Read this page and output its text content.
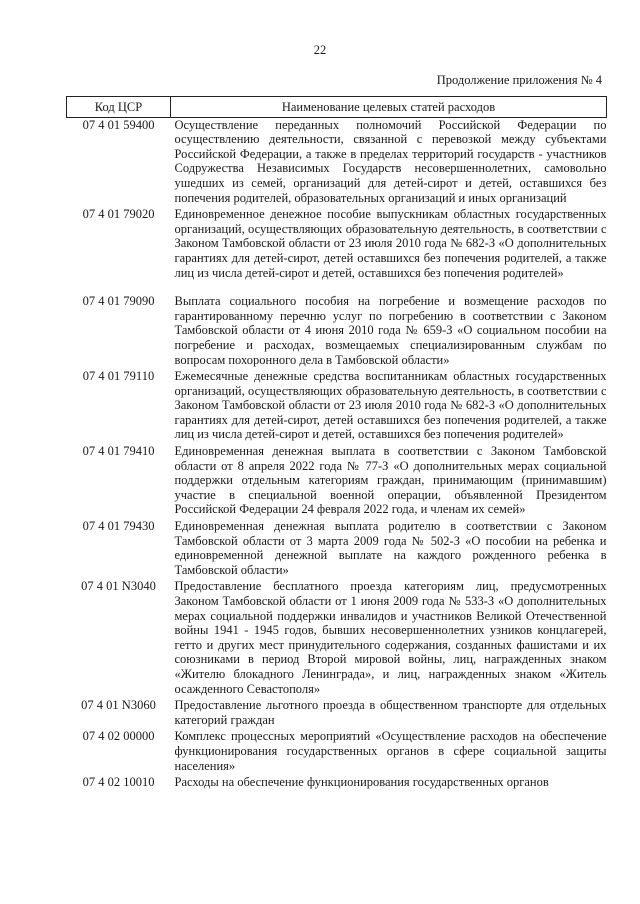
22
Продолжение приложения № 4
Код ЦСР	Наименование целевых статей расходов
07 4 01 59400	Осуществление переданных полномочий Российской Федерации по осуществлению деятельности, связанной с перевозкой между субъектами Российской Федерации, а также в пределах территорий государств - участников Содружества Независимых Государств несовершеннолетних, самовольно ушедших из семей, организаций для детей-сирот и детей, оставшихся без попечения родителей, образовательных организаций и иных организаций
07 4 01 79020	Единовременное денежное пособие выпускникам областных государственных организаций, осуществляющих образовательную деятельность, в соответствии с Законом Тамбовской области от 23 июля 2010 года № 682-З «О дополнительных гарантиях для детей-сирот, детей оставшихся без попечения родителей, а также лиц из числа детей-сирот и детей, оставшихся без попечения родителей»
07 4 01 79090	Выплата социального пособия на погребение и возмещение расходов по гарантированному перечню услуг по погребению в соответствии с Законом Тамбовской области от 4 июня 2010 года № 659-З «О социальном пособии на погребение и расходах, возмещаемых специализированным службам по вопросам похоронного дела в Тамбовской области»
07 4 01 79110	Ежемесячные денежные средства воспитанникам областных государственных организаций, осуществляющих образовательную деятельность, в соответствии с Законом Тамбовской области от 23 июля 2010 года № 682-З «О дополнительных гарантиях для детей-сирот, детей оставшихся без попечения родителей, а также лиц из числа детей-сирот и детей, оставшихся без попечения родителей»
07 4 01 79410	Единовременная денежная выплата в соответствии с Законом Тамбовской области от 8 апреля 2022 года № 77-З «О дополнительных мерах социальной поддержки отдельным категориям граждан, принимающим (принимавшим) участие в специальной военной операции, объявленной Президентом Российской Федерации 24 февраля 2022 года, и членам их семей»
07 4 01 79430	Единовременная денежная выплата родителю в соответствии с Законом Тамбовской области от 3 марта 2009 года № 502-З «О пособии на ребенка и единовременной денежной выплате на каждого рожденного ребенка в Тамбовской области»
07 4 01 N3040	Предоставление бесплатного проезда категориям лиц, предусмотренных Законом Тамбовской области от 1 июня 2009 года № 533-З «О дополнительных мерах социальной поддержки инвалидов и участников Великой Отечественной войны 1941 - 1945 годов, бывших несовершеннолетних узников концлагерей, гетто и других мест принудительного содержания, созданных фашистами и их союзниками в период Второй мировой войны, лиц, награжденных знаком «Жителю блокадного Ленинграда», и лиц, награжденных знаком «Житель осажденного Севастополя»
07 4 01 N3060	Предоставление льготного проезда в общественном транспорте для отдельных категорий граждан
07 4 02 00000	Комплекс процессных мероприятий «Осуществление расходов на обеспечение функционирования государственных органов в сфере социальной защиты населения»
07 4 02 10010	Расходы на обеспечение функционирования государственных органов
